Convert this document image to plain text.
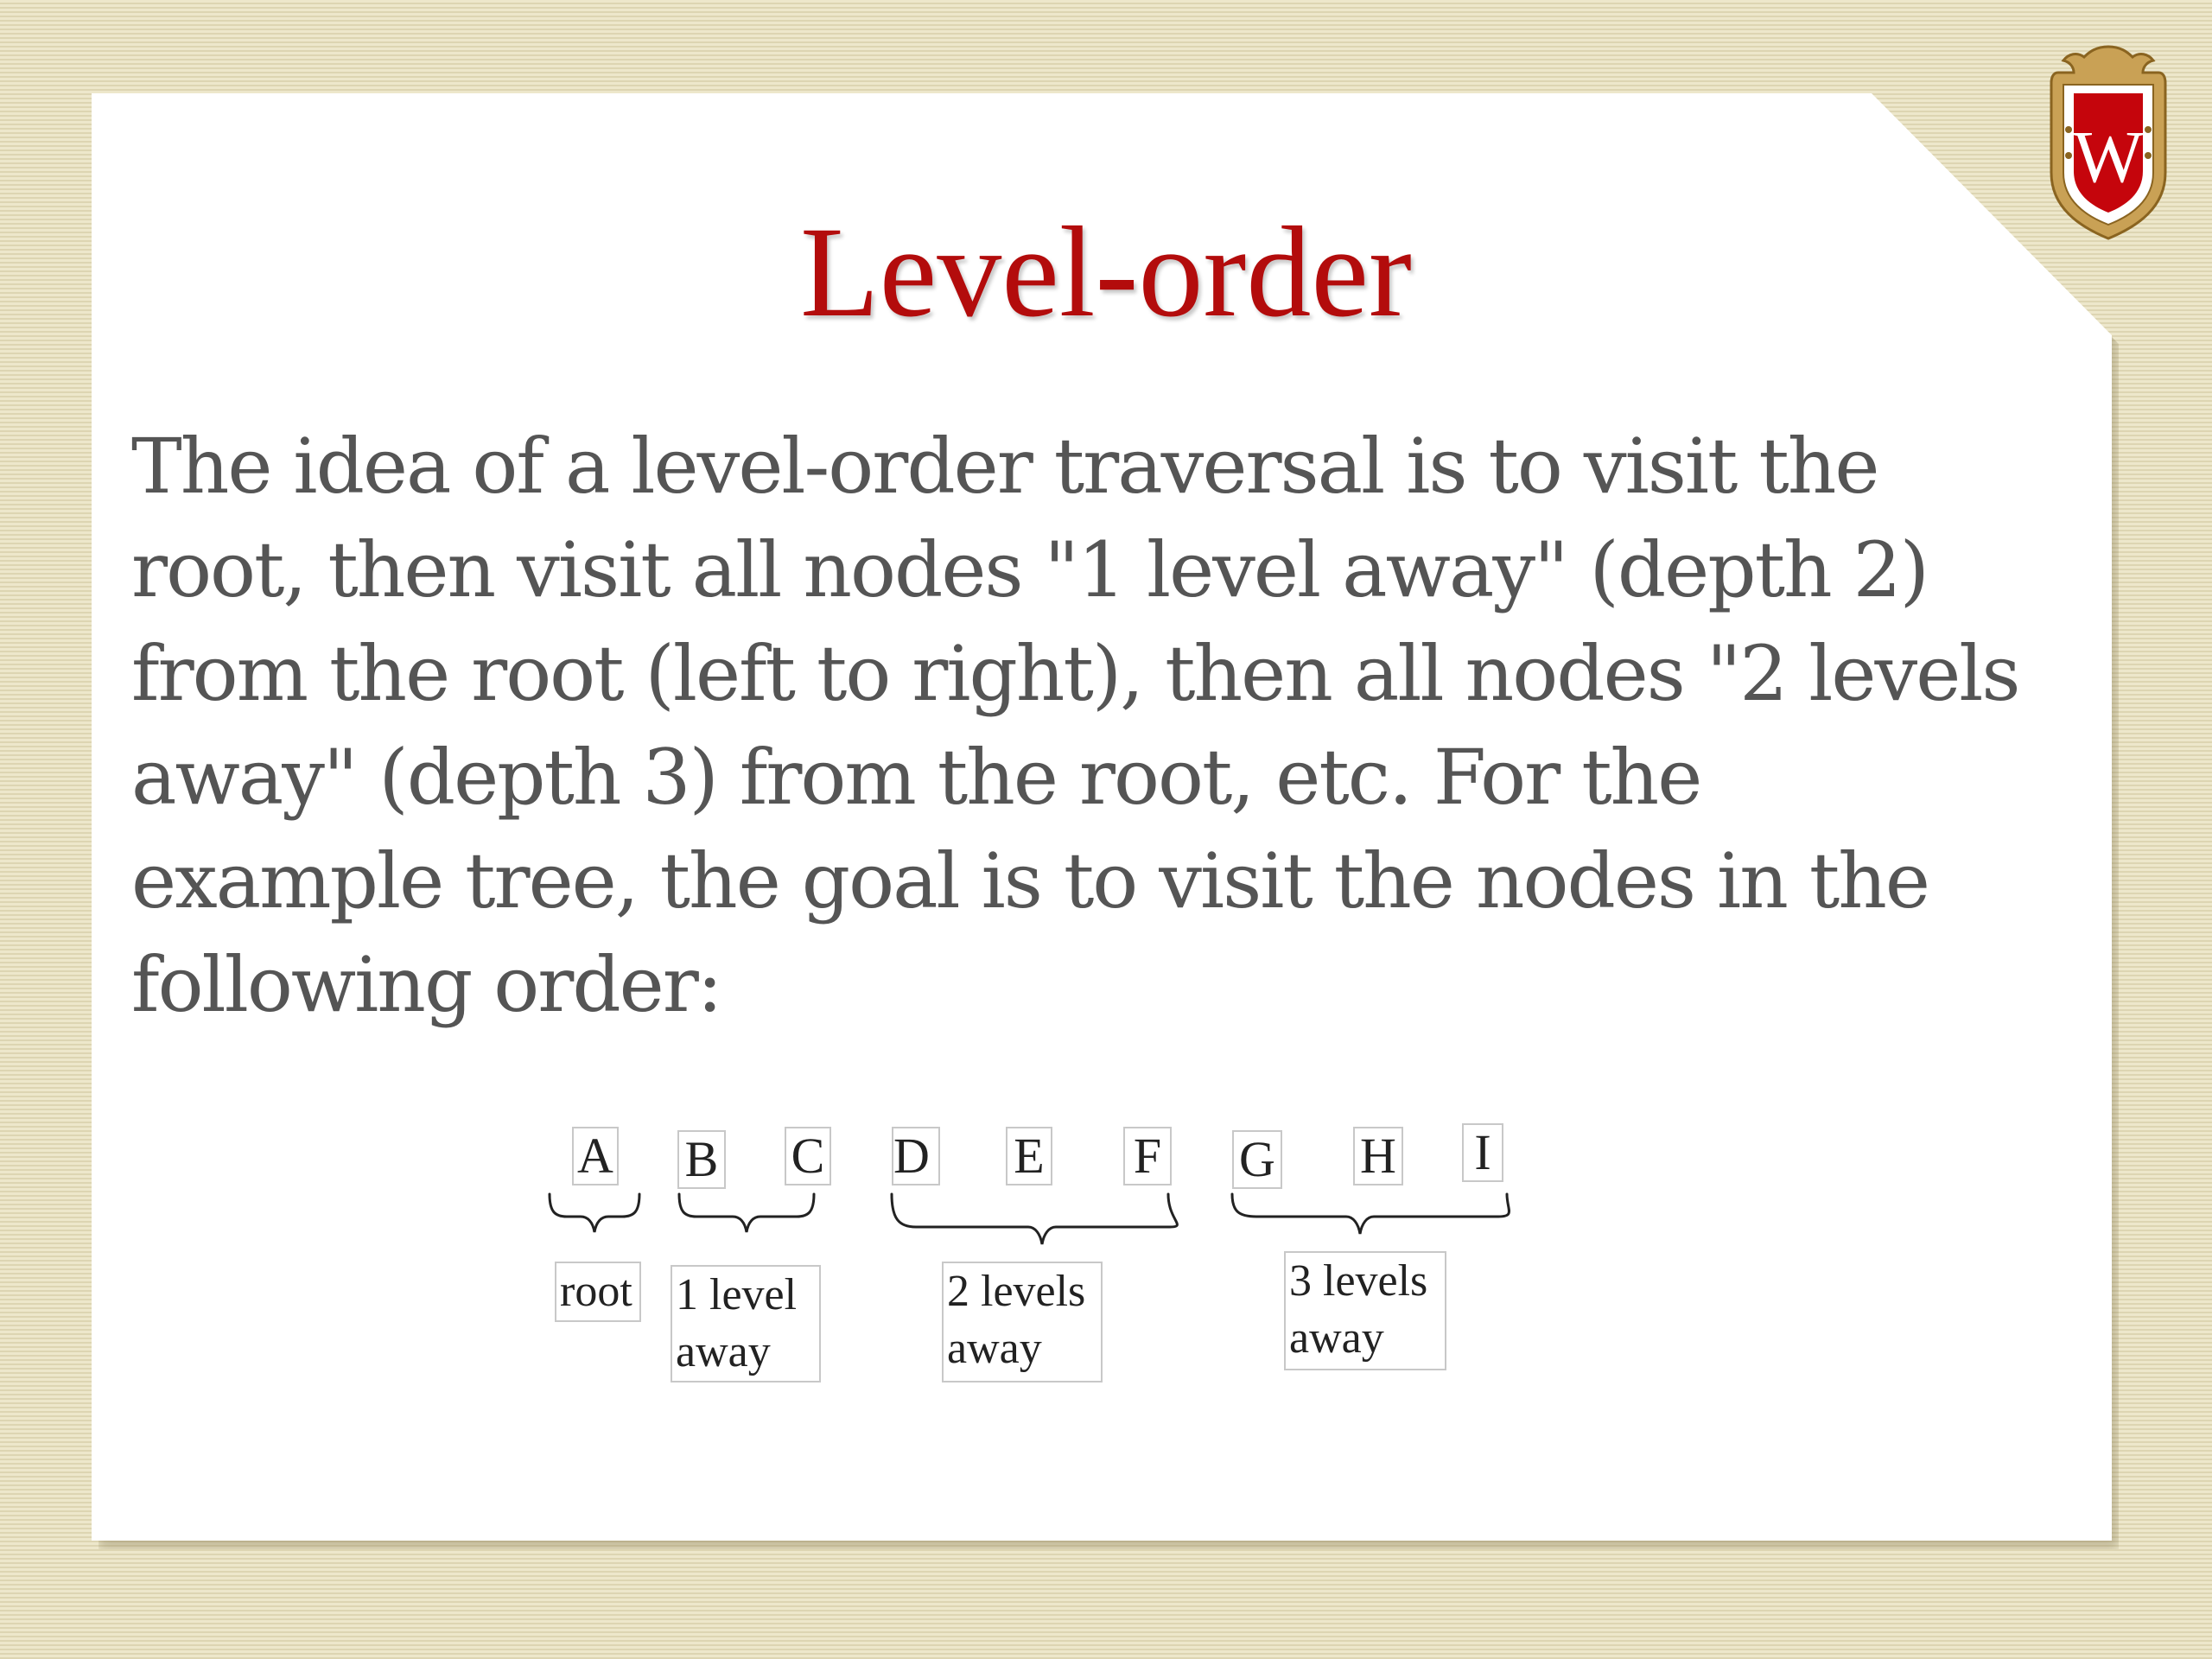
W
Level-order

The idea of a level-order traversal is to visit the root, then visit all nodes "1 level away" (depth 2) from the root (left to right), then all nodes "2 levels away" (depth 3) from the root, etc. For the example tree, the goal is to visit the nodes in the following order:

A B C D E F G H I
root 1 level
away
2 levels
away
3 levels
away
